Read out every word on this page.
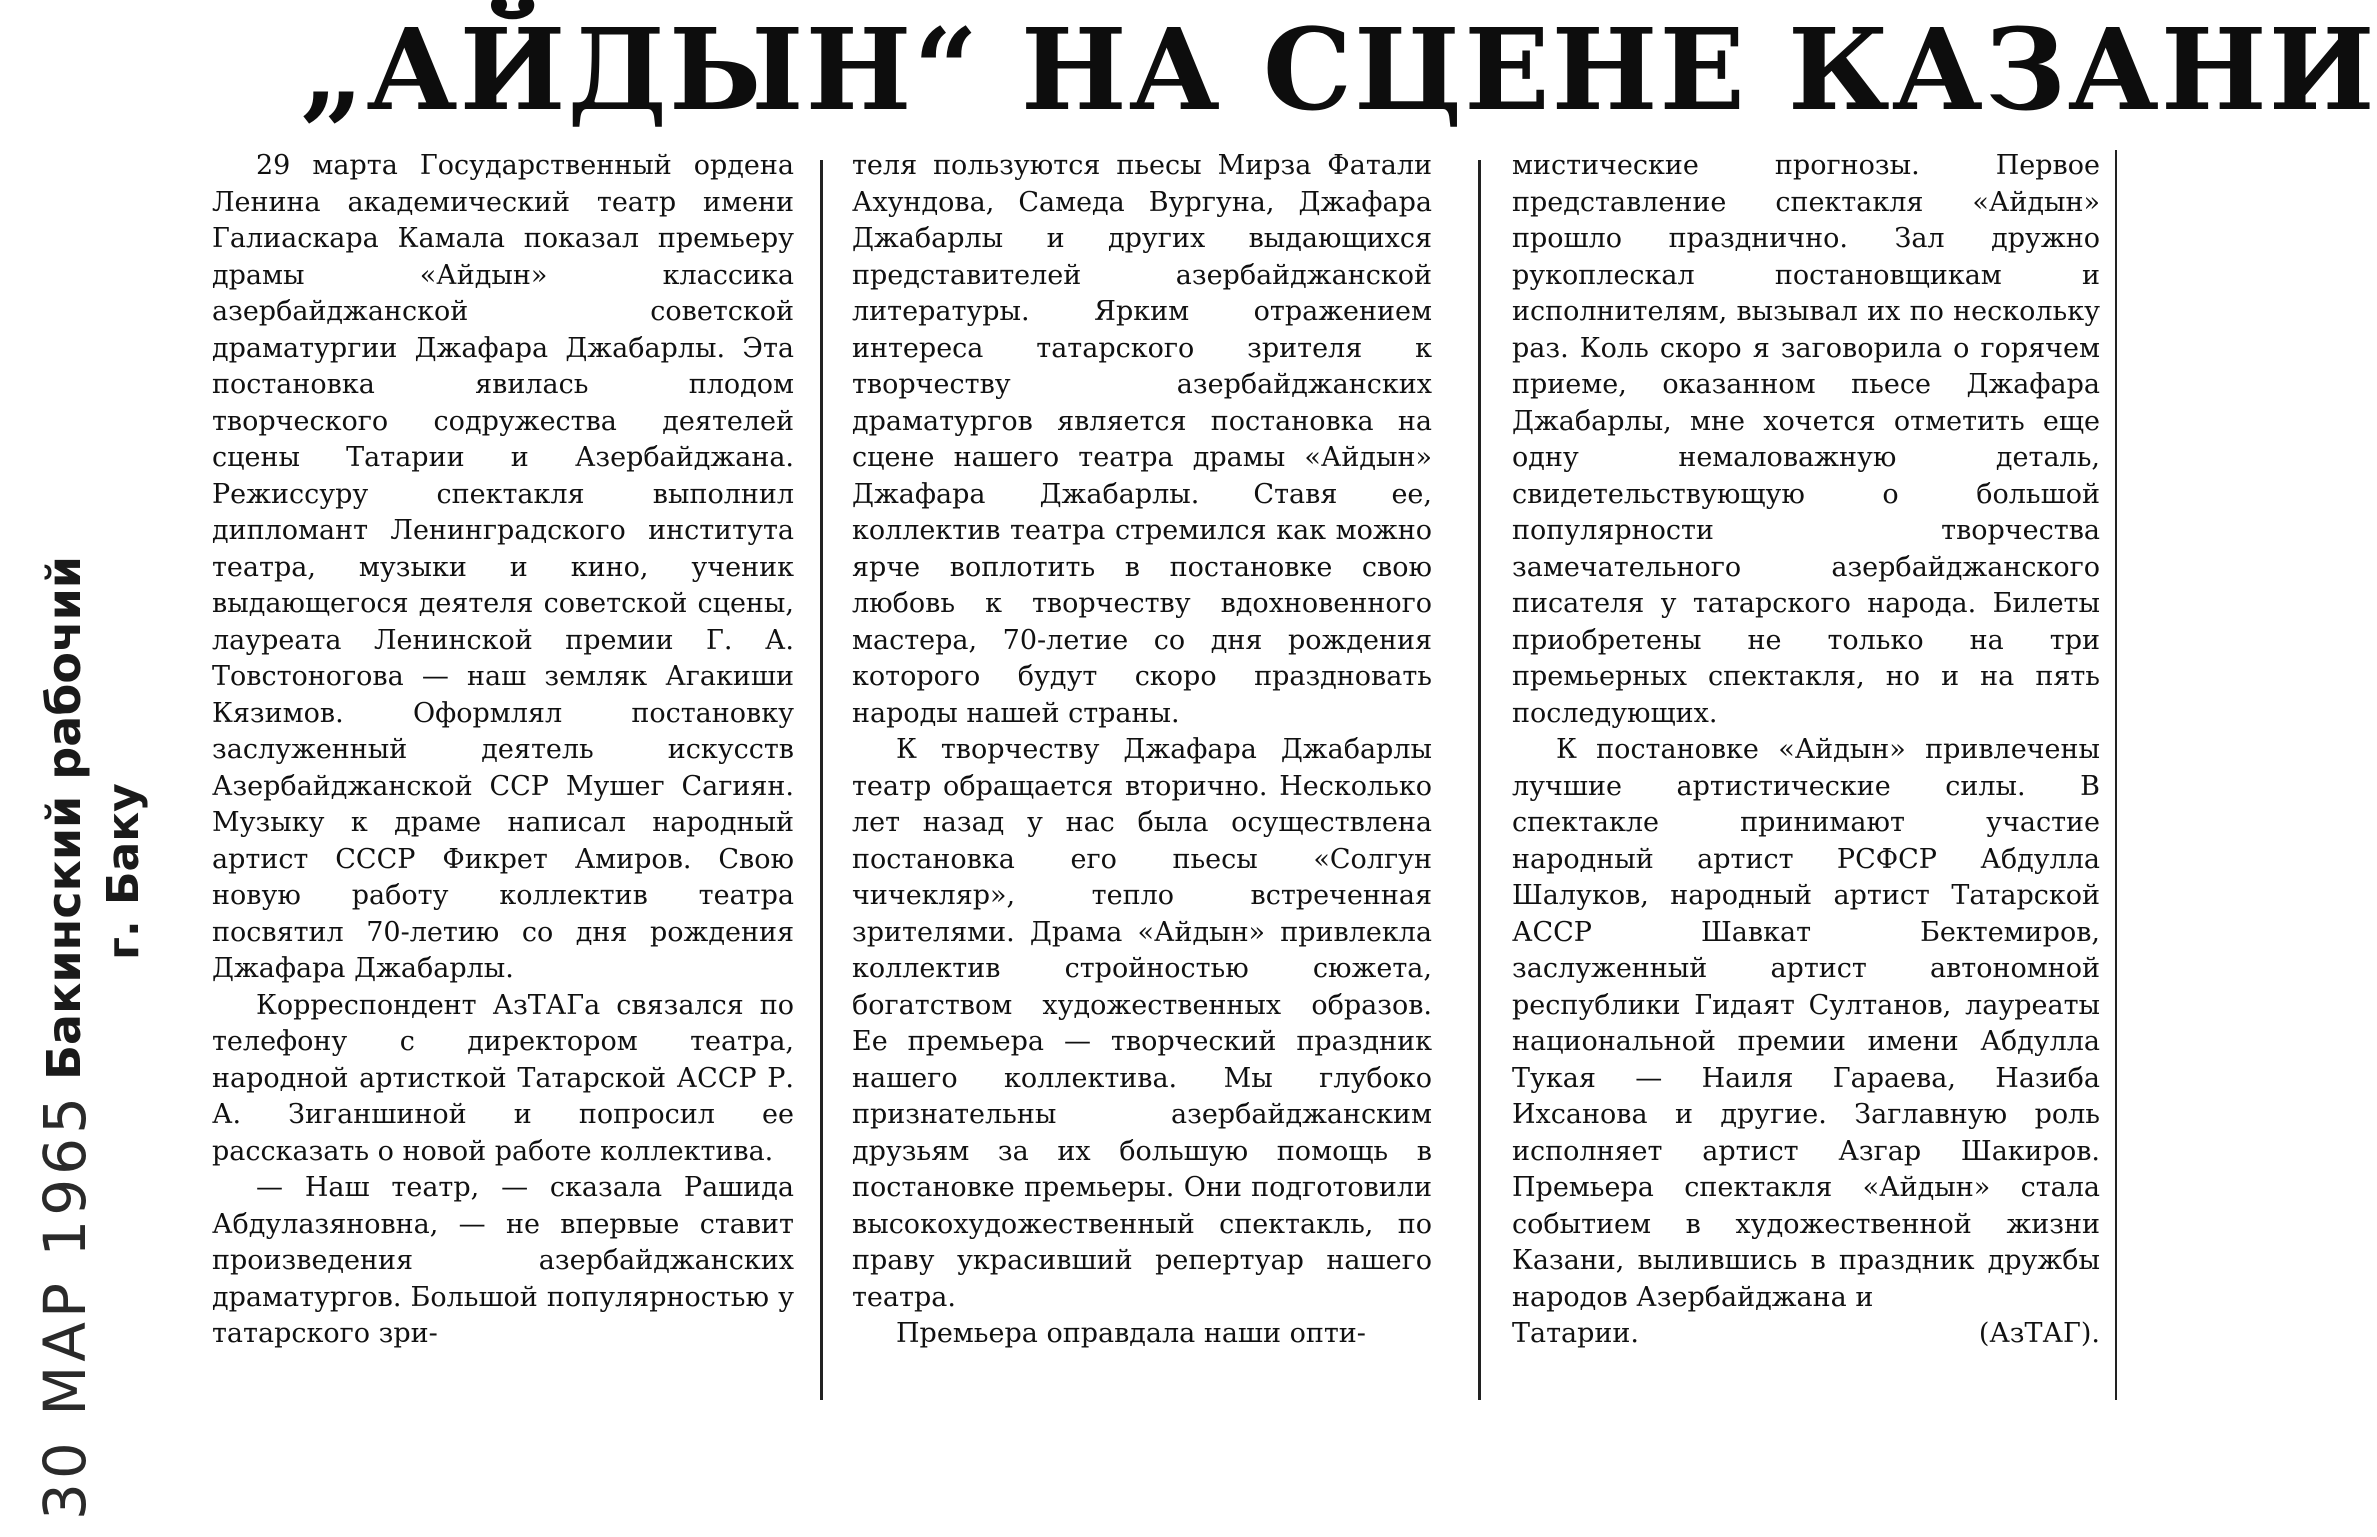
„АЙДЫН“ НА СЦЕНЕ КАЗАНИ
30 МАР 1965
Бакинский рабочий г. Баку

29 марта Государственный ордена Ленина академический театр имени Галиаскара Камала показал премьеру драмы «Айдын» классика азербайджанской советской драматургии Джафара Джабарлы. Эта постановка явилась плодом творческого содружества деятелей сцены Татарии и Азербайджана. Режиссуру спектакля выполнил дипломант Ленинградского института театра, музыки и кино, ученик выдающегося деятеля советской сцены, лауреата Ленинской премии Г. А. Товстоногова — наш земляк Агакиши Кязимов. Оформлял постановку заслуженный деятель искусств Азербайджанской ССР Мушег Сагиян. Музыку к драме написал народный артист СССР Фикрет Амиров. Свою новую работу коллектив театра посвятил 70-летию со дня рождения Джафара Джабарлы.

Корреспондент АзТАГа связался по телефону с директором театра, народной артисткой Татарской АССР Р. А. Зиганшиной и попросил ее рассказать о новой работе коллектива.

— Наш театр, — сказала Рашида Абдулазяновна, — не впервые ставит произведения азербайджанских драматургов. Большой популярностью у татарского зри-

теля пользуются пьесы Мирза Фатали Ахундова, Самеда Вургуна, Джафара Джабарлы и других выдающихся представителей азербайджанской литературы. Ярким отражением интереса татарского зрителя к творчеству азербайджанских драматургов является постановка на сцене нашего театра драмы «Айдын» Джафара Джабарлы. Ставя ее, коллектив театра стремился как можно ярче воплотить в постановке свою любовь к творчеству вдохновенного мастера, 70-летие со дня рождения которого будут скоро праздновать народы нашей страны.

К творчеству Джафара Джабарлы театр обращается вторично. Несколько лет назад у нас была осуществлена постановка его пьесы «Солгун чичекляр», тепло встреченная зрителями. Драма «Айдын» привлекла коллектив стройностью сюжета, богатством художественных образов. Ее премьера — творческий праздник нашего коллектива. Мы глубоко признательны азербайджанским друзьям за их большую помощь в постановке премьеры. Они подготовили высокохудожественный спектакль, по праву украсивший репертуар нашего театра.

Премьера оправдала наши опти-

мистические прогнозы. Первое представление спектакля «Айдын» прошло празднично. Зал дружно рукоплескал постановщикам и исполнителям, вызывал их по нескольку раз. Коль скоро я заговорила о горячем приеме, оказанном пьесе Джафара Джабарлы, мне хочется отметить еще одну немаловажную деталь, свидетельствующую о большой популярности творчества замечательного азербайджанского писателя у татарского народа. Билеты приобретены не только на три премьерных спектакля, но и на пять последующих.

К постановке «Айдын» привлечены лучшие артистические силы. В спектакле принимают участие народный артист РСФСР Абдулла Шалуков, народный артист Татарской АССР Шавкат Бектемиров, заслуженный артист автономной республики Гидаят Султанов, лауреаты национальной премии имени Абдулла Тукая — Наиля Гараева, Назиба Ихсанова и другие. Заглавную роль исполняет артист Азгар Шакиров. Премьера спектакля «Айдын» стала событием в художественной жизни Казани, вылившись в праздник дружбы народов Азербайджана и

Татарии.	(АзТАГ).
